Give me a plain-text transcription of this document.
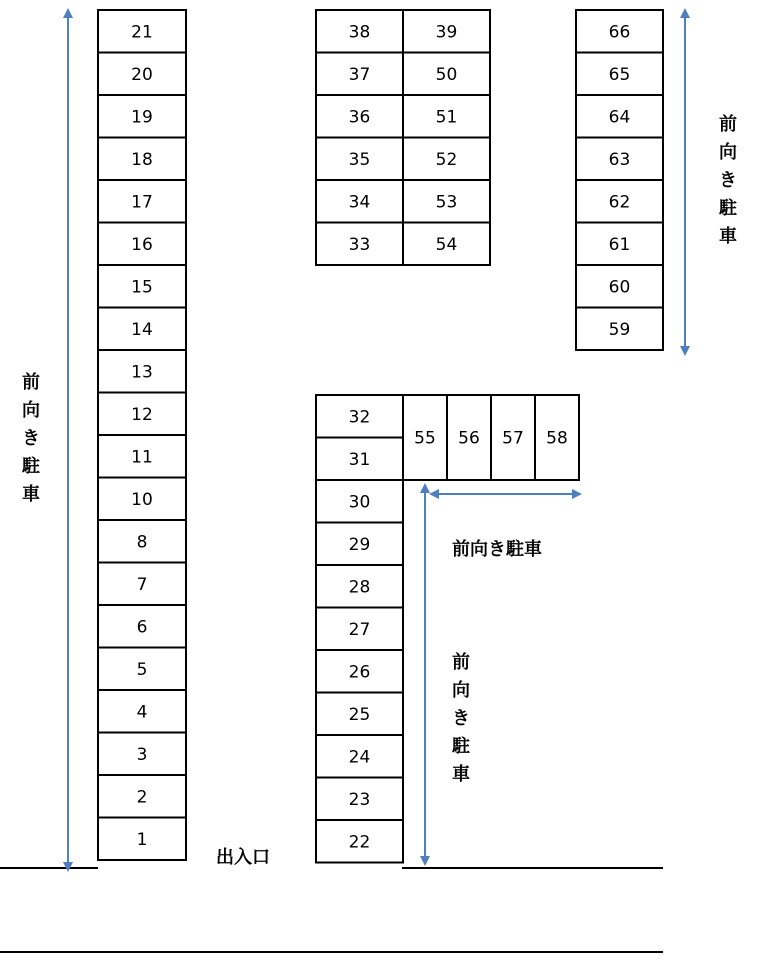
21
20
19
18
17
16
15
14
13
12
11
10
8
7
6
5
4
3
2
1
38
37
36
35
34
33
39
50
51
52
53
54
66
65
64
63
62
61
60
59
32
31
30
29
28
27
26
25
24
23
22
55 56 57 58
出入口
前向き駐車
前
向
き
駐
車
前
向
き
駐
車
前
向
き
駐
車
